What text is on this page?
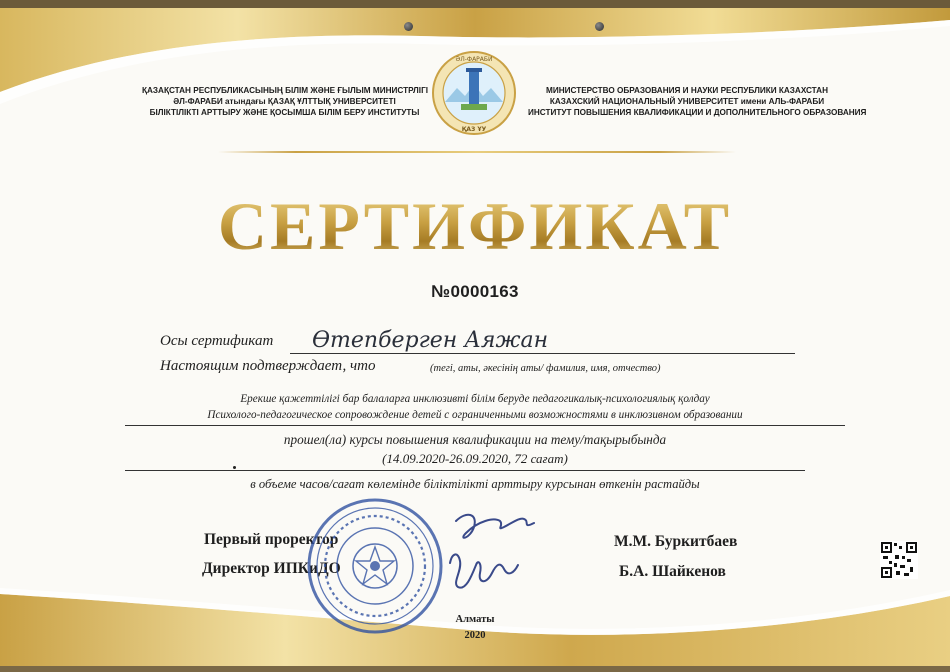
ҚАЗАҚСТАН РЕСПУБЛИКАСЫНЫҢ БІЛІМ ЖӘНЕ ҒЫЛЫМ МИНИСТРЛІГІ
ӘЛ-ФАРАБИ атындағы ҚАЗАҚ ҰЛТТЫҚ УНИВЕРСИТЕТІ
БІЛІКТІЛІКТІ АРТТЫРУ ЖӘНЕ ҚОСЫМША БІЛІМ БЕРУ ИНСТИТУТЫ
ӘЛ-ФАРАБИ
ҚАЗ ҰУ
МИНИСТЕРСТВО ОБРАЗОВАНИЯ И НАУКИ РЕСПУБЛИКИ КАЗАХСТАН
КАЗАХСКИЙ НАЦИОНАЛЬНЫЙ УНИВЕРСИТЕТ имени АЛЬ-ФАРАБИ
ИНСТИТУТ ПОВЫШЕНИЯ КВАЛИФИКАЦИИ И ДОПОЛНИТЕЛЬНОГО ОБРАЗОВАНИЯ
СЕРТИФИКАТ
№0000163
Осы сертификат Өтепберген Аяжан
Настоящим подтверждает, что	(тегі, аты, әкесінің аты/ фамилия, имя, отчество)
Ерекше қажеттілігі бар балаларға инклюзивті білім беруде педагогикалық-психологиялық қолдау
Психолого-педагогическое сопровождение детей с ограниченными возможностями в инклюзивном образовании
прошел(ла) курсы повышения квалификации на тему/тақырыбында
(14.09.2020-26.09.2020, 72 сағат)
в объеме часов/сағат көлемінде біліктілікті арттыру курсынан өткенін растайды
Первый проректор
Директор ИПКиДО
М.М. Буркитбаев
Б.А. Шайкенов
Алматы
2020
